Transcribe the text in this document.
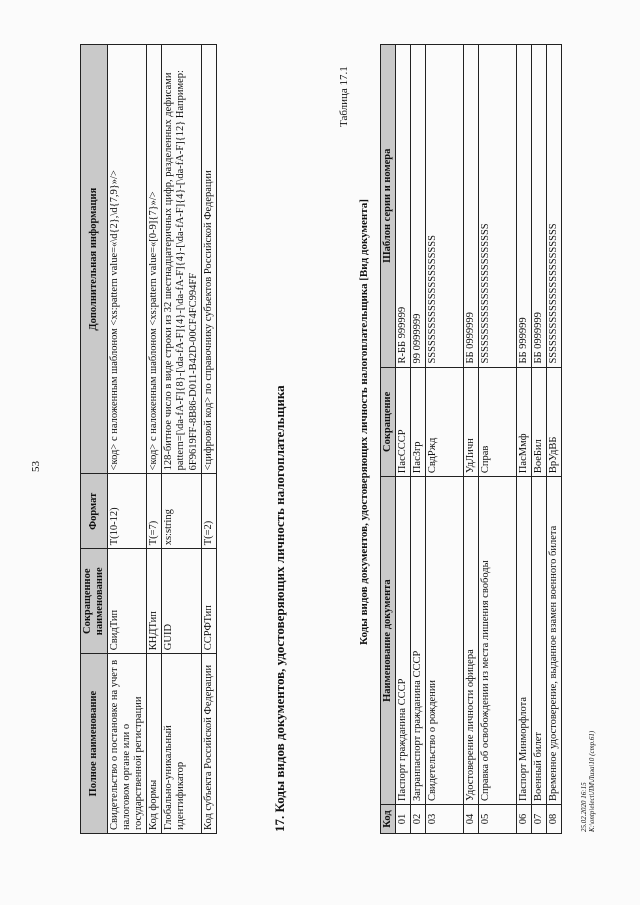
53
Полное наименование	Сокращенное наименование	Формат	Дополнительная информация
Свидетельство о постановке на учет в налоговом органе или о государственной регистрации	СвидТип	T(10-12)	<код> с наложенным шаблоном <xs:pattern value=«\d{2},\d{7,9}»/>
Код формы	КНДТип	T(=7)	<код> с наложенным шаблоном <xs:pattern value=«[0-9]{7}»/>
Глобально-уникальный идентификатор	GUID	xs:string	128-битное число в виде строки из 32 шестнадцатеричных цифр, разделенных дефисами pattern=[\da-fA-F]{8}-[\da-fA-F]{4}-[\da-fA-F]{4}-[\da-fA-F]{4}-[\da-fA-F]{12} Например: 6F9619FF-8B86-D011-B42D-00CF4FC994FF
Код субъекта Российской Федерации	ССРФТип	T(=2)	<цифровой код> по справочнику субъектов Российской Федерации
17. Коды видов документов, удостоверяющих личность налогоплательщика
Таблица 17.1
Коды видов документов, удостоверяющих личность налогоплательщика [Вид документа]
Код	Наименование документа	Сокращение	Шаблон серии и номера
01	Паспорт гражданина СССР	ПасСССР	R-ББ 999999
02	Загранпаспорт гражданина СССР	ПасЗгр	99 0999999
03	Свидетельство о рождении	СвдРжд	SSSSSSSSSSSSSSSSSSSSSS
04	Удостоверение личности офицера	УдЛичн	ББ 0999999
05	Справка об освобождении из места лишения свободы	Справ	SSSSSSSSSSSSSSSSSSSSSSSS
06	Паспорт Минморфлота	ПасМмф	ББ 999999
07	Военный билет	ВоеБил	ББ 0999999
08	Временное удостоверение, выданное взамен военного билета	ВрУдВБ	SSSSSSSSSSSSSSSSSSSSSSSS
25.02.2020 16:15 К:\ontp\elect\ЛМ\Лиза\10 (стр.61)
